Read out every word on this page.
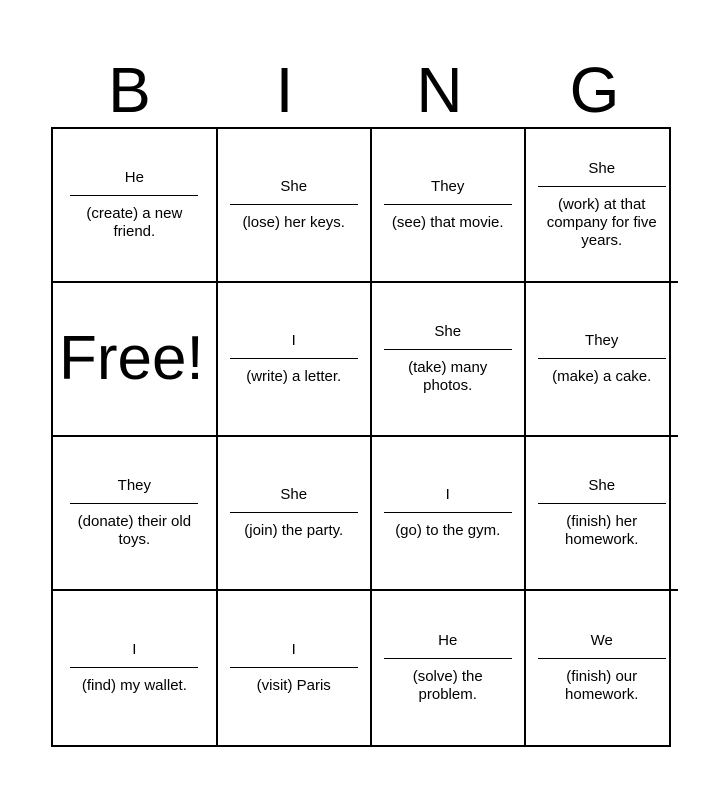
B	I	N	G
He
(create) a new friend.
She
(lose) her keys.
They
(see) that movie.
She
(work) at that company for five years.
Free!	I
(write) a letter.
She
(take) many photos.
They
(make) a cake.
They
(donate) their old toys.
She
(join) the party.
I
(go) to the gym.
She
(finish) her homework.
I
(find) my wallet.
I
(visit) Paris
He
(solve) the problem.
We
(finish) our homework.
